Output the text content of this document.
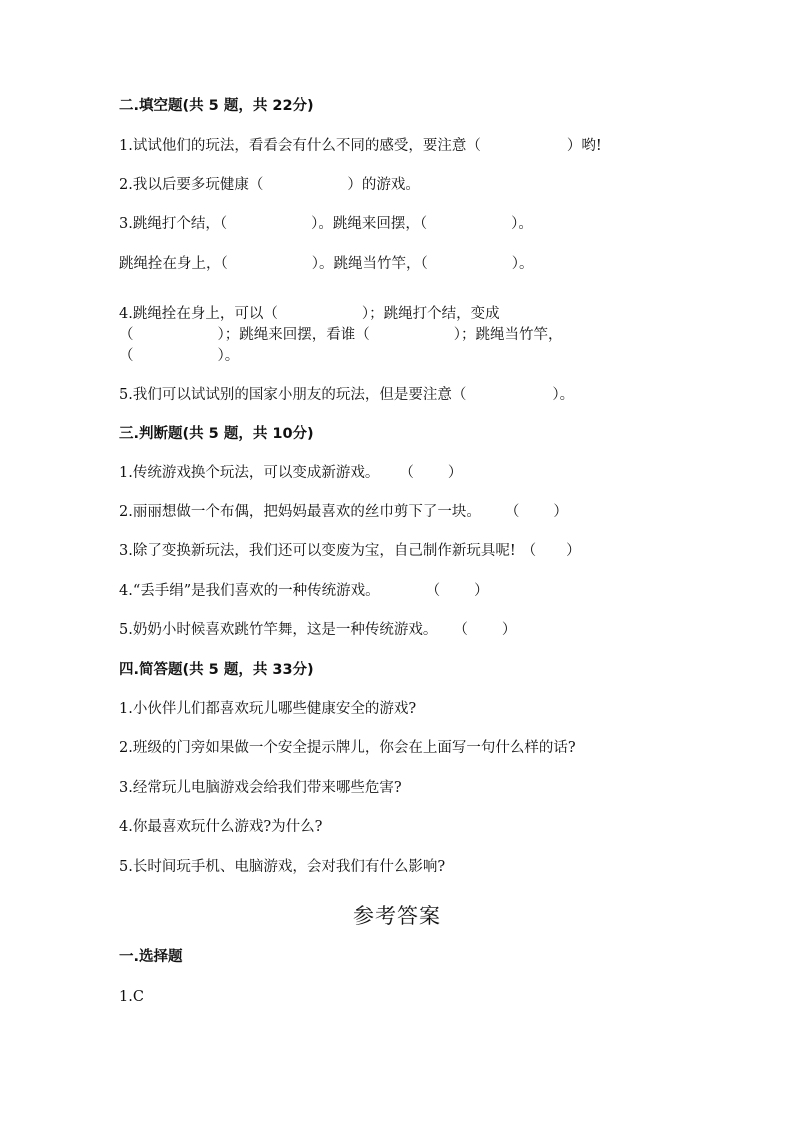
二.填空题(共 5 题，共 22分)
1.试试他们的玩法，看看会有什么不同的感受，要注意（	）哟!
2.我以后要多玩健康（	）的游戏。
3.跳绳打个结，（	）。跳绳来回摆，（	）。
跳绳拴在身上，（	）。跳绳当竹竿，（	）。
4.跳绳拴在身上，可以（	）；跳绳打个结，变成
（	）；跳绳来回摆，看谁（	）；跳绳当竹竿，
（	）。
5.我们可以试试别的国家小朋友的玩法，但是要注意（	）。
三.判断题(共 5 题，共 10分)
1.传统游戏换个玩法，可以变成新游戏。 （ ）
2.丽丽想做一个布偶，把妈妈最喜欢的丝巾剪下了一块。 （ ）
3.除了变换新玩法，我们还可以变废为宝，自己制作新玩具呢! （ ）
4.“丢手绢”是我们喜欢的一种传统游戏。	（ ）
5.奶奶小时候喜欢跳竹竿舞，这是一种传统游戏。 （ ）
四.简答题(共 5 题，共 33分)
1.小伙伴儿们都喜欢玩儿哪些健康安全的游戏?
2.班级的门旁如果做一个安全提示牌儿，你会在上面写一句什么样的话?
3.经常玩儿电脑游戏会给我们带来哪些危害?
4.你最喜欢玩什么游戏?为什么?
5.长时间玩手机、电脑游戏，会对我们有什么影响?
参考答案
一.选择题
1.C
